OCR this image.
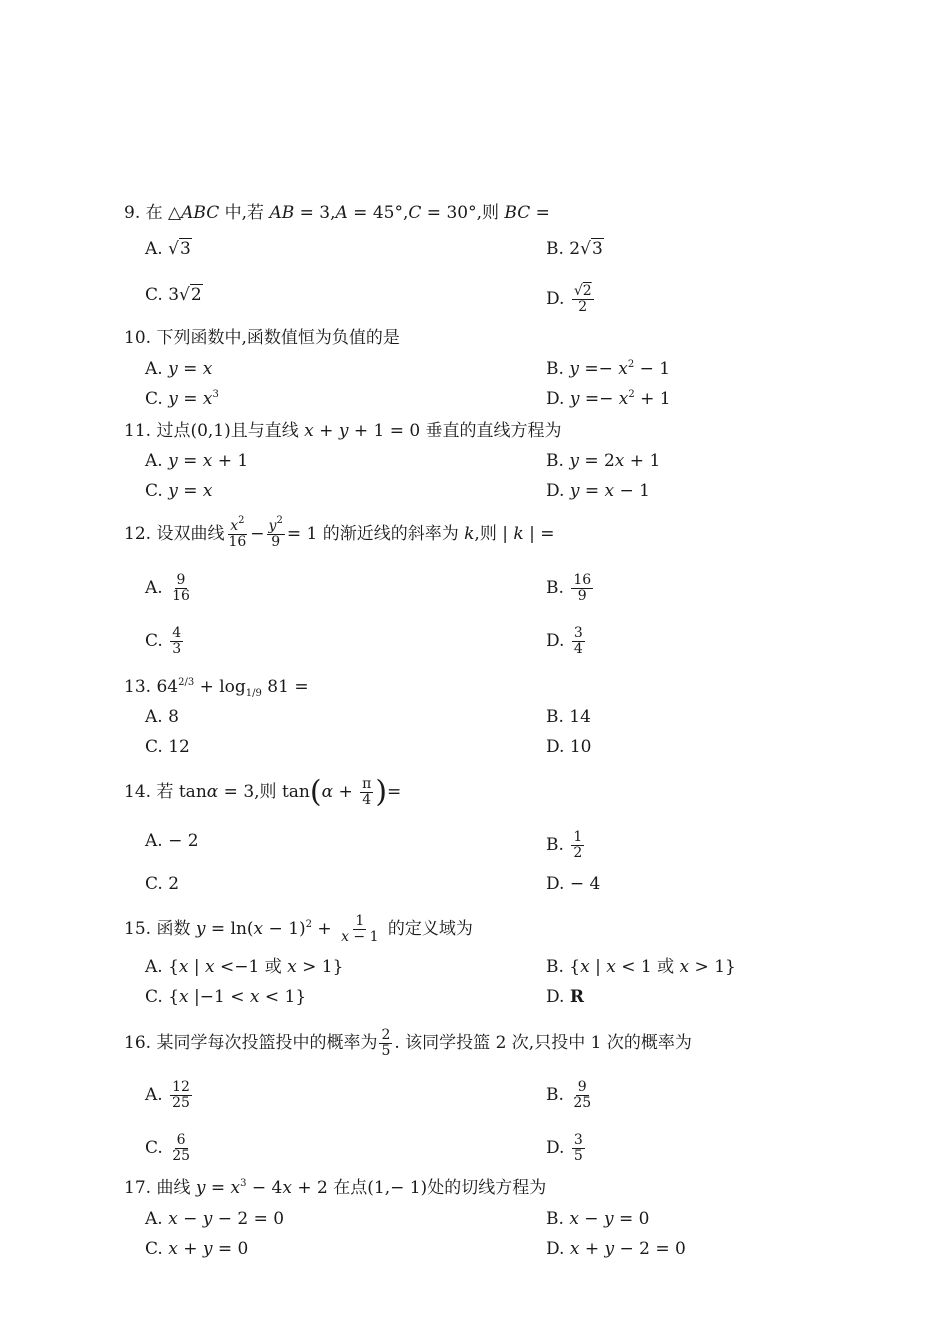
9. 在 △ABC 中,若 AB = 3,A = 45°,C = 30°,则 BC =
A. √3	B. 2√3
C. 3√2	D. $\frac{√2}{2}$
10. 下列函数中,函数值恒为负值的是
A. y = x	B. $y =- x^2 - 1$
C. $y = x^3$	D. $y =- x^2 + 1$
11. 过点(0,1)且与直线 x + y + 1 = 0 垂直的直线方程为
A. y = x + 1	B. y = 2x + 1
C. y = x	D. y = x − 1
12. 设双曲线 $\frac{x^2}{16} - \frac{y^2}{9} = 1$ 的渐近线的斜率为 k,则 | k | =
A. $\frac{9}{16}$	B. $\frac{16}{9}$
C. $\frac{4}{3}$	D. $\frac{3}{4}$
13. $64^{2/3} + \log_{1/9} 81$ =
A. 8	B. 14
C. 12	D. 10
14. 若 tanα = 3,则 $\tan(\alpha + \frac{\pi}{4}$ )=
A. − 2	B. $\frac{1}{2}$
C. 2	D. − 4
15. 函数 $y = \ln(x - 1)^2 + \frac{1}{x - 1}$ 的定义域为
A. {x | x <−1 或 x > 1}	B. {x | x < 1 或 x > 1}
C. {x |−1 < x < 1}	D. R
16. 某同学每次投篮投中的概率为 $\frac{2}{5}$ . 该同学投篮 2 次,只投中 1 次的概率为
A. $\frac{12}{25}$	B. $\frac{9}{25}$
C. $\frac{6}{25}$	D. $\frac{3}{5}$
17. 曲线 $y = x^3 - 4x + 2$ 在点(1,− 1)处的切线方程为
A. x − y − 2 = 0	B. x − y = 0
C. x + y = 0	D. x + y − 2 = 0
